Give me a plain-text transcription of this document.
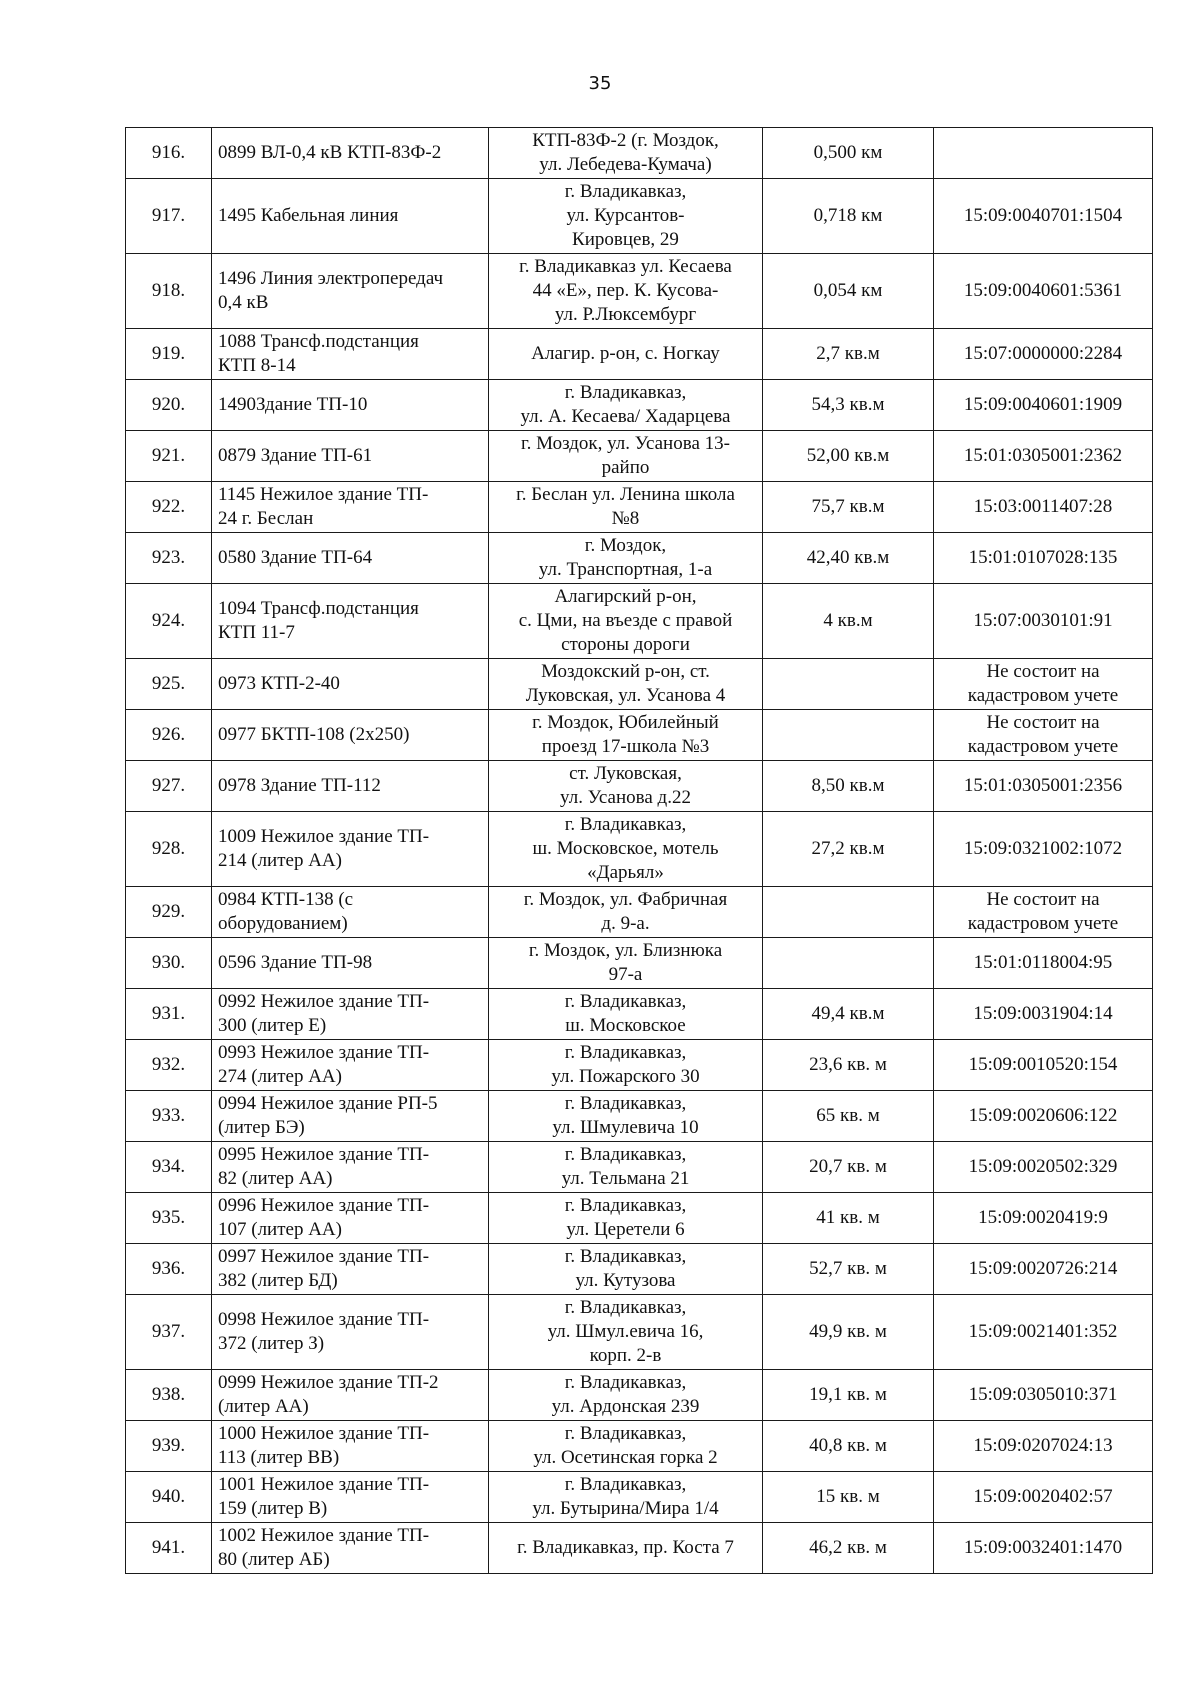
35
916.	0899 ВЛ-0,4 кВ КТП-83Ф-2	КТП-83Ф-2 (г. Моздок,
ул. Лебедева-Кумача)	0,500 км	

917.	1495 Кабельная линия	г. Владикавказ,
ул. Курсантов-
Кировцев, 29	0,718 км	15:09:0040701:1504

918.	1496 Линия электропередач
0,4 кВ	г. Владикавказ ул. Кесаева
44 «Е», пер. К. Кусова-
ул. Р.Люксембург	0,054 км	15:09:0040601:5361

919.	1088 Трансф.подстанция
КТП 8-14	Алагир. р-он, с. Ногкау	2,7 кв.м	15:07:0000000:2284

920.	1490Здание ТП-10	г. Владикавказ,
ул. А. Кесаева/ Хадарцева	54,3 кв.м	15:09:0040601:1909

921.	0879 Здание ТП-61	г. Моздок, ул. Усанова 13-
райпо	52,00 кв.м	15:01:0305001:2362

922.	1145 Нежилое здание ТП-
24 г. Беслан	г. Беслан ул. Ленина школа
№8	75,7 кв.м	15:03:0011407:28

923.	0580 Здание ТП-64	г. Моздок,
ул. Транспортная, 1-а	42,40 кв.м	15:01:0107028:135

924.	1094 Трансф.подстанция
КТП 11-7	Алагирский р-он,
с. Цми, на въезде с правой
стороны дороги	4 кв.м	15:07:0030101:91

925.	0973 КТП-2-40	Моздокский р-он, ст.
Луковская, ул. Усанова 4		Не состоит на
кадастровом учете

926.	0977 БКТП-108 (2x250)	г. Моздок, Юбилейный
проезд 17-школа №3		Не состоит на
кадастровом учете

927.	0978 Здание ТП-112	ст. Луковская,
ул. Усанова д.22	8,50 кв.м	15:01:0305001:2356

928.	1009 Нежилое здание ТП-
214 (литер АА)	г. Владикавказ,
ш. Московское, мотель
«Дарьял»	27,2 кв.м	15:09:0321002:1072

929.	0984 КТП-138 (с
оборудованием)	г. Моздок, ул. Фабричная
д. 9-а.		Не состоит на
кадастровом учете

930.	0596 Здание ТП-98	г. Моздок, ул. Близнюка
97-а		15:01:0118004:95

931.	0992 Нежилое здание ТП-
300 (литер Е)	г. Владикавказ,
ш. Московское	49,4 кв.м	15:09:0031904:14

932.	0993 Нежилое здание ТП-
274 (литер АА)	г. Владикавказ,
ул. Пожарского 30	23,6 кв. м	15:09:0010520:154

933.	0994 Нежилое здание РП-5
(литер БЭ)	г. Владикавказ,
ул. Шмулевича 10	65 кв. м	15:09:0020606:122

934.	0995 Нежилое здание ТП-
82 (литер АА)	г. Владикавказ,
ул. Тельмана 21	20,7 кв. м	15:09:0020502:329

935.	0996 Нежилое здание ТП-
107 (литер АА)	г. Владикавказ,
ул. Церетели 6	41 кв. м	15:09:0020419:9

936.	0997 Нежилое здание ТП-
382 (литер БД)	г. Владикавказ,
ул. Кутузова	52,7 кв. м	15:09:0020726:214

937.	0998 Нежилое здание ТП-
372 (литер З)	г. Владикавказ,
ул. Шмул.евича 16,
корп. 2-в	49,9 кв. м	15:09:0021401:352

938.	0999 Нежилое здание ТП-2
(литер АА)	г. Владикавказ,
ул. Ардонская 239	19,1 кв. м	15:09:0305010:371

939.	1000 Нежилое здание ТП-
113 (литер ВВ)	г. Владикавказ,
ул. Осетинская горка 2	40,8 кв. м	15:09:0207024:13

940.	1001 Нежилое здание ТП-
159 (литер В)	г. Владикавказ,
ул. Бутырина/Мира 1/4	15 кв. м	15:09:0020402:57

941.	1002 Нежилое здание ТП-
80 (литер АБ)	г. Владикавказ, пр. Коста 7	46,2 кв. м	15:09:0032401:1470
